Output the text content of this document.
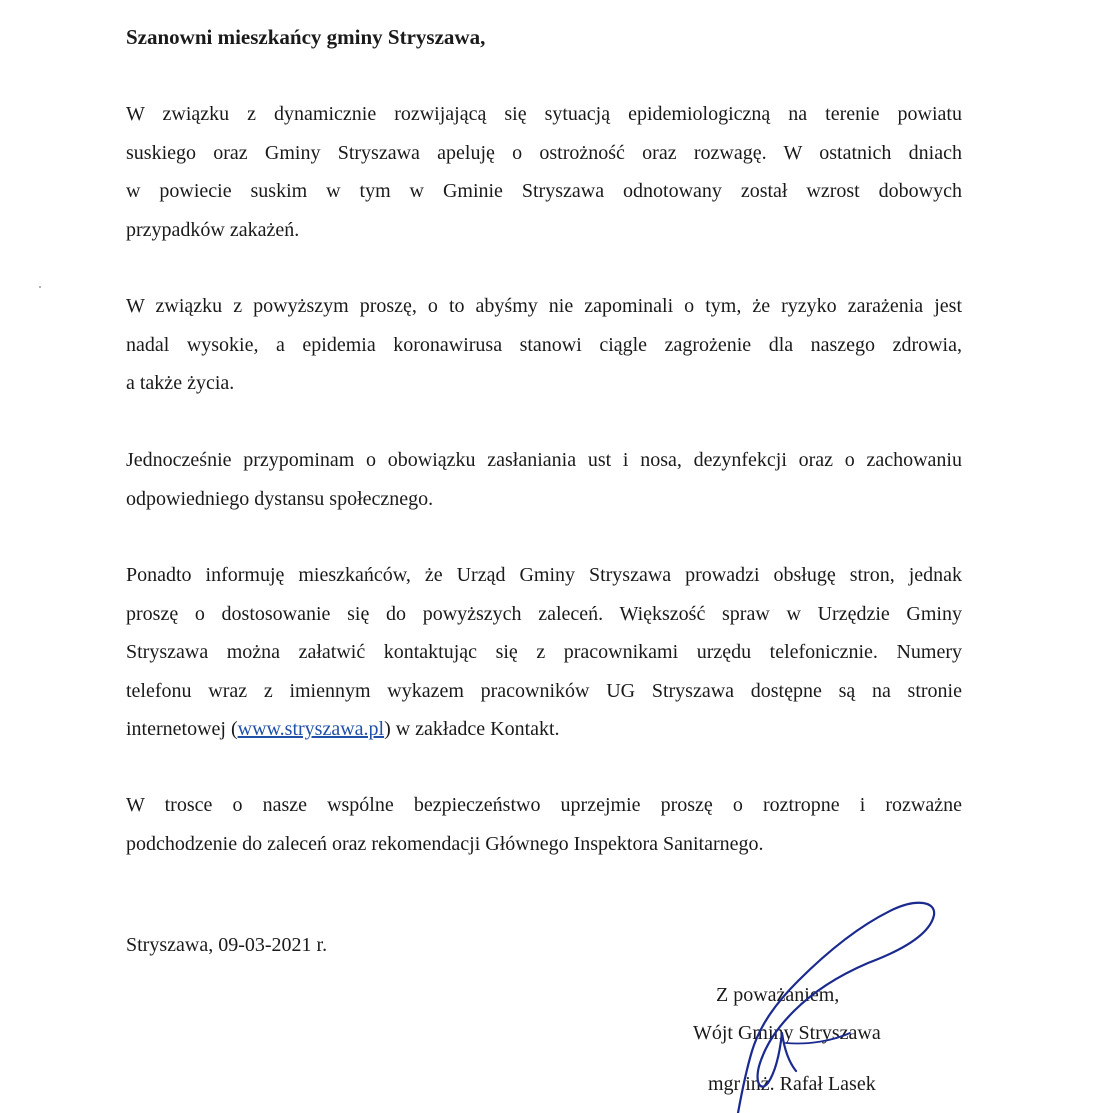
Szanowni mieszkańcy gminy Stryszawa,

W związku z dynamicznie rozwijającą się sytuacją epidemiologiczną na terenie powiatu
suskiego oraz Gminy Stryszawa apeluję o ostrożność oraz rozwagę. W ostatnich dniach
w powiecie suskim w tym w Gminie Stryszawa odnotowany został wzrost dobowych
przypadków zakażeń.

W związku z powyższym proszę, o to abyśmy nie zapominali o tym, że ryzyko zarażenia jest
nadal wysokie, a epidemia koronawirusa stanowi ciągle zagrożenie dla naszego zdrowia,
a także życia.

Jednocześnie przypominam o obowiązku zasłaniania ust i nosa, dezynfekcji oraz o zachowaniu
odpowiedniego dystansu społecznego.

Ponadto informuję mieszkańców, że Urząd Gminy Stryszawa prowadzi obsługę stron, jednak
proszę o dostosowanie się do powyższych zaleceń. Większość spraw w Urzędzie Gminy
Stryszawa można załatwić kontaktując się z pracownikami urzędu telefonicznie. Numery
telefonu wraz z imiennym wykazem pracowników UG Stryszawa dostępne są na stronie
internetowej (www.stryszawa.pl) w zakładce Kontakt.

W trosce o nasze wspólne bezpieczeństwo uprzejmie proszę o roztropne i rozważne
podchodzenie do zaleceń oraz rekomendacji Głównego Inspektora Sanitarnego.

Stryszawa, 09-03-2021 r.
Z poważaniem,
Wójt Gminy Stryszawa
mgr inż. Rafał Lasek
